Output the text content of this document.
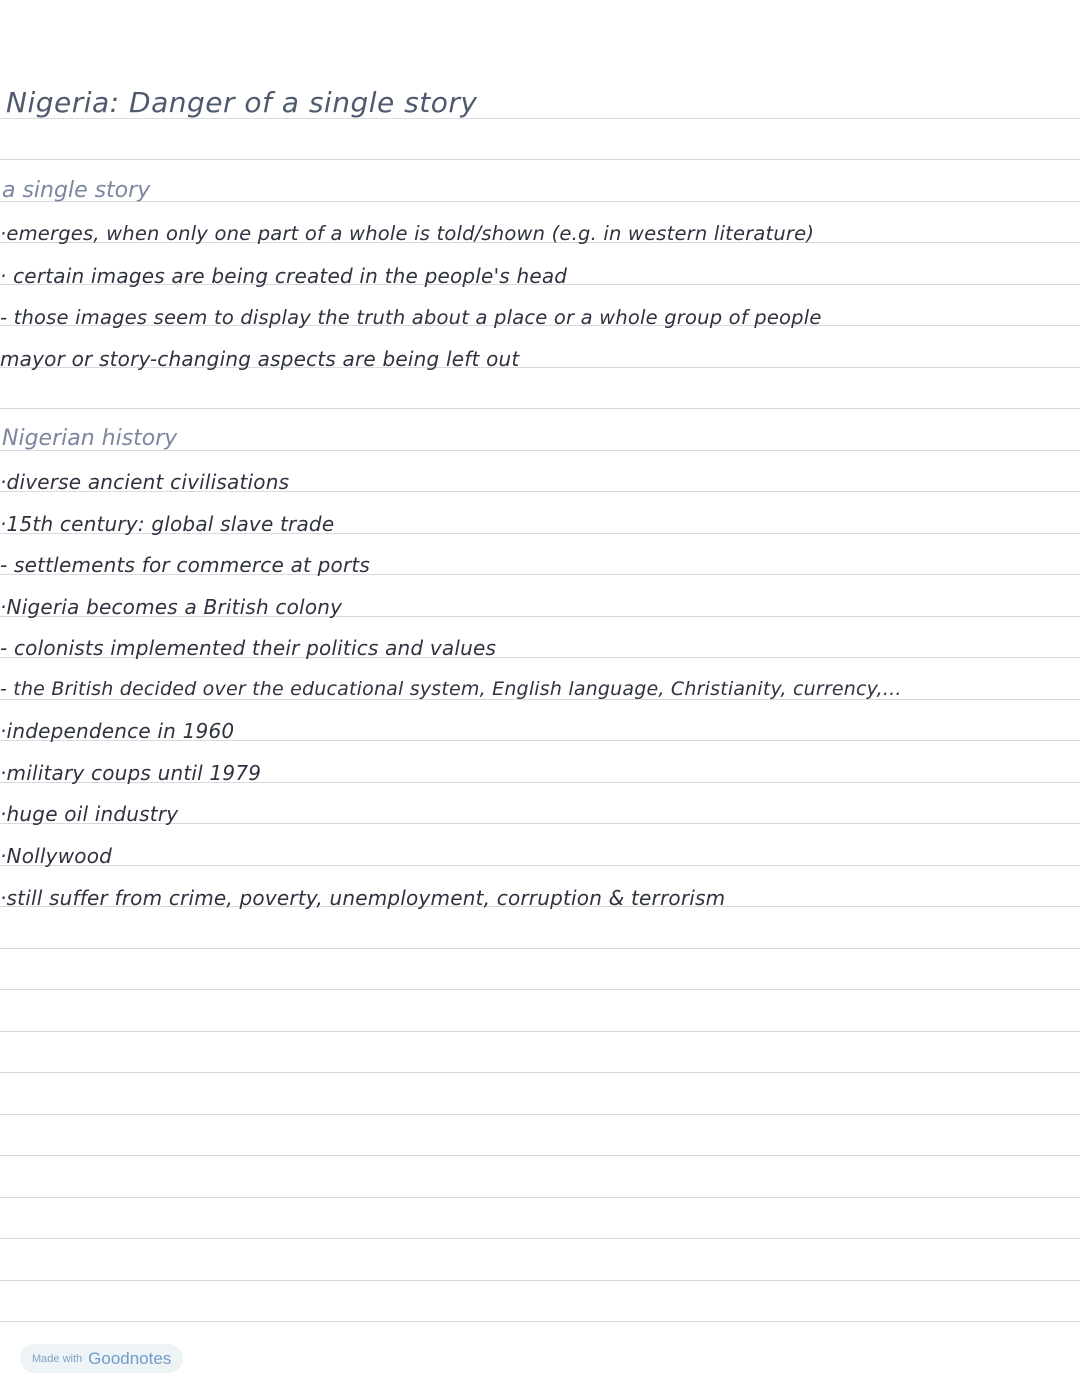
Nigeria: Danger of a single story
a single story
·emerges, when only one part of a whole is told/shown (e.g. in western literature)
· certain images are being created in the people's head
- those images seem to display the truth about a place or a whole group of people
mayor or story-changing aspects are being left out
Nigerian history
·diverse ancient civilisations
·15th century: global slave trade
- settlements for commerce at ports
·Nigeria becomes a British colony
- colonists implemented their politics and values
- the British decided over the educational system, English language, Christianity, currency,...
·independence in 1960
·military coups until 1979
·huge oil industry
·Nollywood
·still suffer from crime, poverty, unemployment, corruption & terrorism
Made with Goodnotes
